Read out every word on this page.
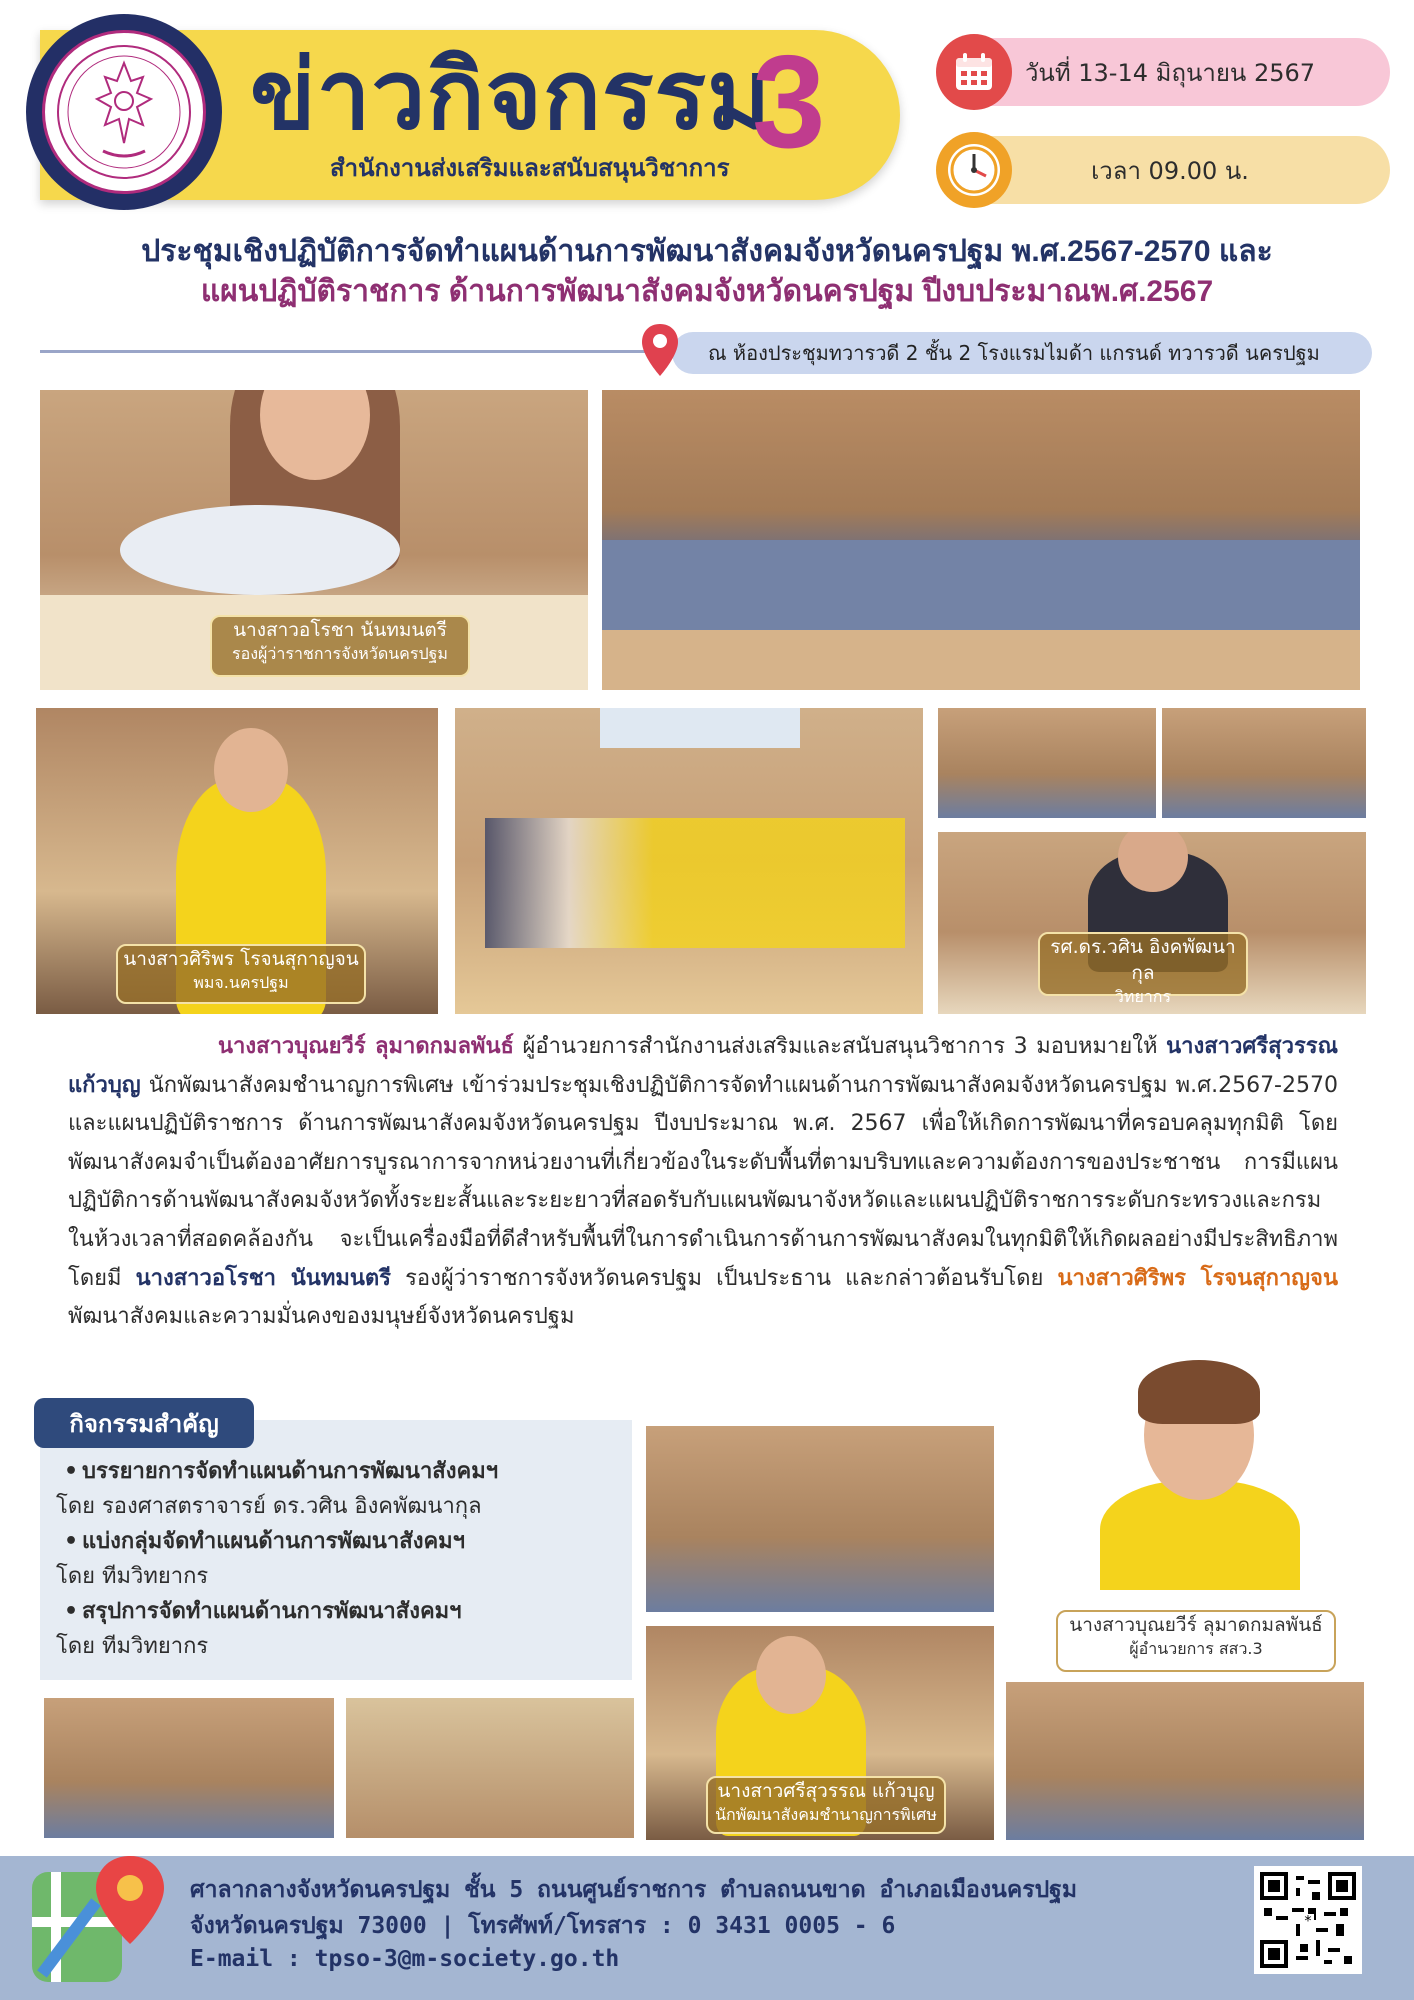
ข่าวกิจกรรม
3
สำนักงานส่งเสริมและสนับสนุนวิชาการ
วันที่ 13-14 มิถุนายน 2567
เวลา 09.00 น.
ประชุมเชิงปฏิบัติการจัดทำแผนด้านการพัฒนาสังคมจังหวัดนครปฐม พ.ศ.2567-2570 และ
แผนปฏิบัติราชการ ด้านการพัฒนาสังคมจังหวัดนครปฐม ปีงบประมาณพ.ศ.2567
ณ ห้องประชุมทวารวดี 2 ชั้น 2 โรงแรมไมด้า แกรนด์ ทวารวดี นครปฐม
นางสาวอโรชา นันทมนตรี
รองผู้ว่าราชการจังหวัดนครปฐม
นางสาวศิริพร โรจนสุกาญจน
พมจ.นครปฐม
รศ.ดร.วศิน อิงคพัฒนากุล
วิทยากร
นางสาวบุณยวีร์ ลุมาดกมลพันธ์ ผู้อำนวยการสำนักงานส่งเสริมและสนับสนุนวิชาการ 3 มอบหมายให้ นางสาวศรีสุวรรณ แก้วบุญ นักพัฒนาสังคมชำนาญการพิเศษ เข้าร่วมประชุมเชิงปฏิบัติการจัดทำแผนด้านการพัฒนาสังคมจังหวัดนครปฐม พ.ศ.2567-2570 และแผนปฏิบัติราชการ ด้านการพัฒนาสังคมจังหวัดนครปฐม ปีงบประมาณ พ.ศ. 2567 เพื่อให้เกิดการพัฒนาที่ครอบคลุมทุกมิติ โดยพัฒนาสังคมจำเป็นต้องอาศัยการบูรณาการจากหน่วยงานที่เกี่ยวข้องในระดับพื้นที่ตามบริบทและความต้องการของประชาชน การมีแผนปฏิบัติการด้านพัฒนาสังคมจังหวัดทั้งระยะสั้นและระยะยาวที่สอดรับกับแผนพัฒนาจังหวัดและแผนปฏิบัติราชการระดับกระทรวงและกรมในห้วงเวลาที่สอดคล้องกัน จะเป็นเครื่องมือที่ดีสำหรับพื้นที่ในการดำเนินการด้านการพัฒนาสังคมในทุกมิติให้เกิดผลอย่างมีประสิทธิภาพ โดยมี นางสาวอโรชา นันทมนตรี รองผู้ว่าราชการจังหวัดนครปฐม เป็นประธาน และกล่าวต้อนรับโดย นางสาวศิริพร โรจนสุกาญจน พัฒนาสังคมและความมั่นคงของมนุษย์จังหวัดนครปฐม
กิจกรรมสำคัญ
• บรรยายการจัดทำแผนด้านการพัฒนาสังคมฯ
โดย รองศาสตราจารย์ ดร.วศิน อิงคพัฒนากุล
• แบ่งกลุ่มจัดทำแผนด้านการพัฒนาสังคมฯ
โดย ทีมวิทยากร
• สรุปการจัดทำแผนด้านการพัฒนาสังคมฯ
โดย ทีมวิทยากร
นางสาวศรีสุวรรณ แก้วบุญ
นักพัฒนาสังคมชำนาญการพิเศษ
นางสาวบุณยวีร์ ลุมาดกมลพันธ์
ผู้อำนวยการ สสว.3
ศาลากลางจังหวัดนครปฐม ชั้น 5 ถนนศูนย์ราชการ ตำบลถนนขาด อำเภอเมืองนครปฐม
จังหวัดนครปฐม 73000 | โทรศัพท์/โทรสาร : 0 3431 0005 - 6
E-mail : tpso-3@m-society.go.th
*
